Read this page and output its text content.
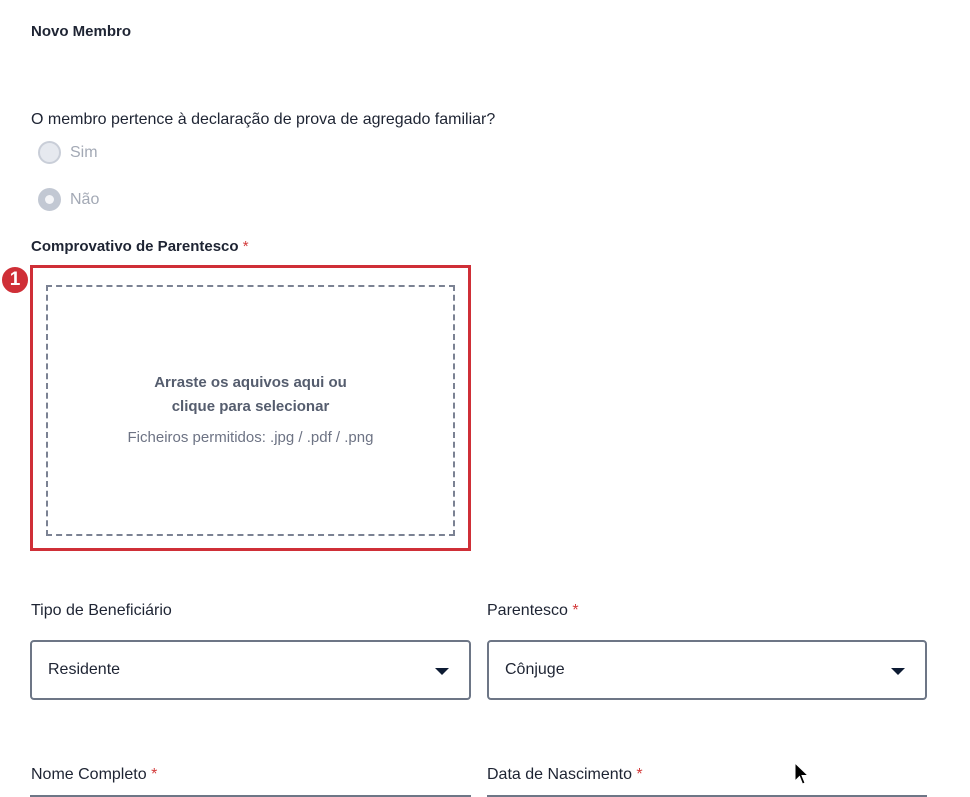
Novo Membro
O membro pertence à declaração de prova de agregado familiar?
Sim
Não
Comprovativo de Parentesco *
1
Arraste os aquivos aqui ou clique para selecionar
Ficheiros permitidos: .jpg / .pdf / .png
Tipo de Beneficiário	Parentesco *
Residente	Cônjuge
Nome Completo *	Data de Nascimento *
